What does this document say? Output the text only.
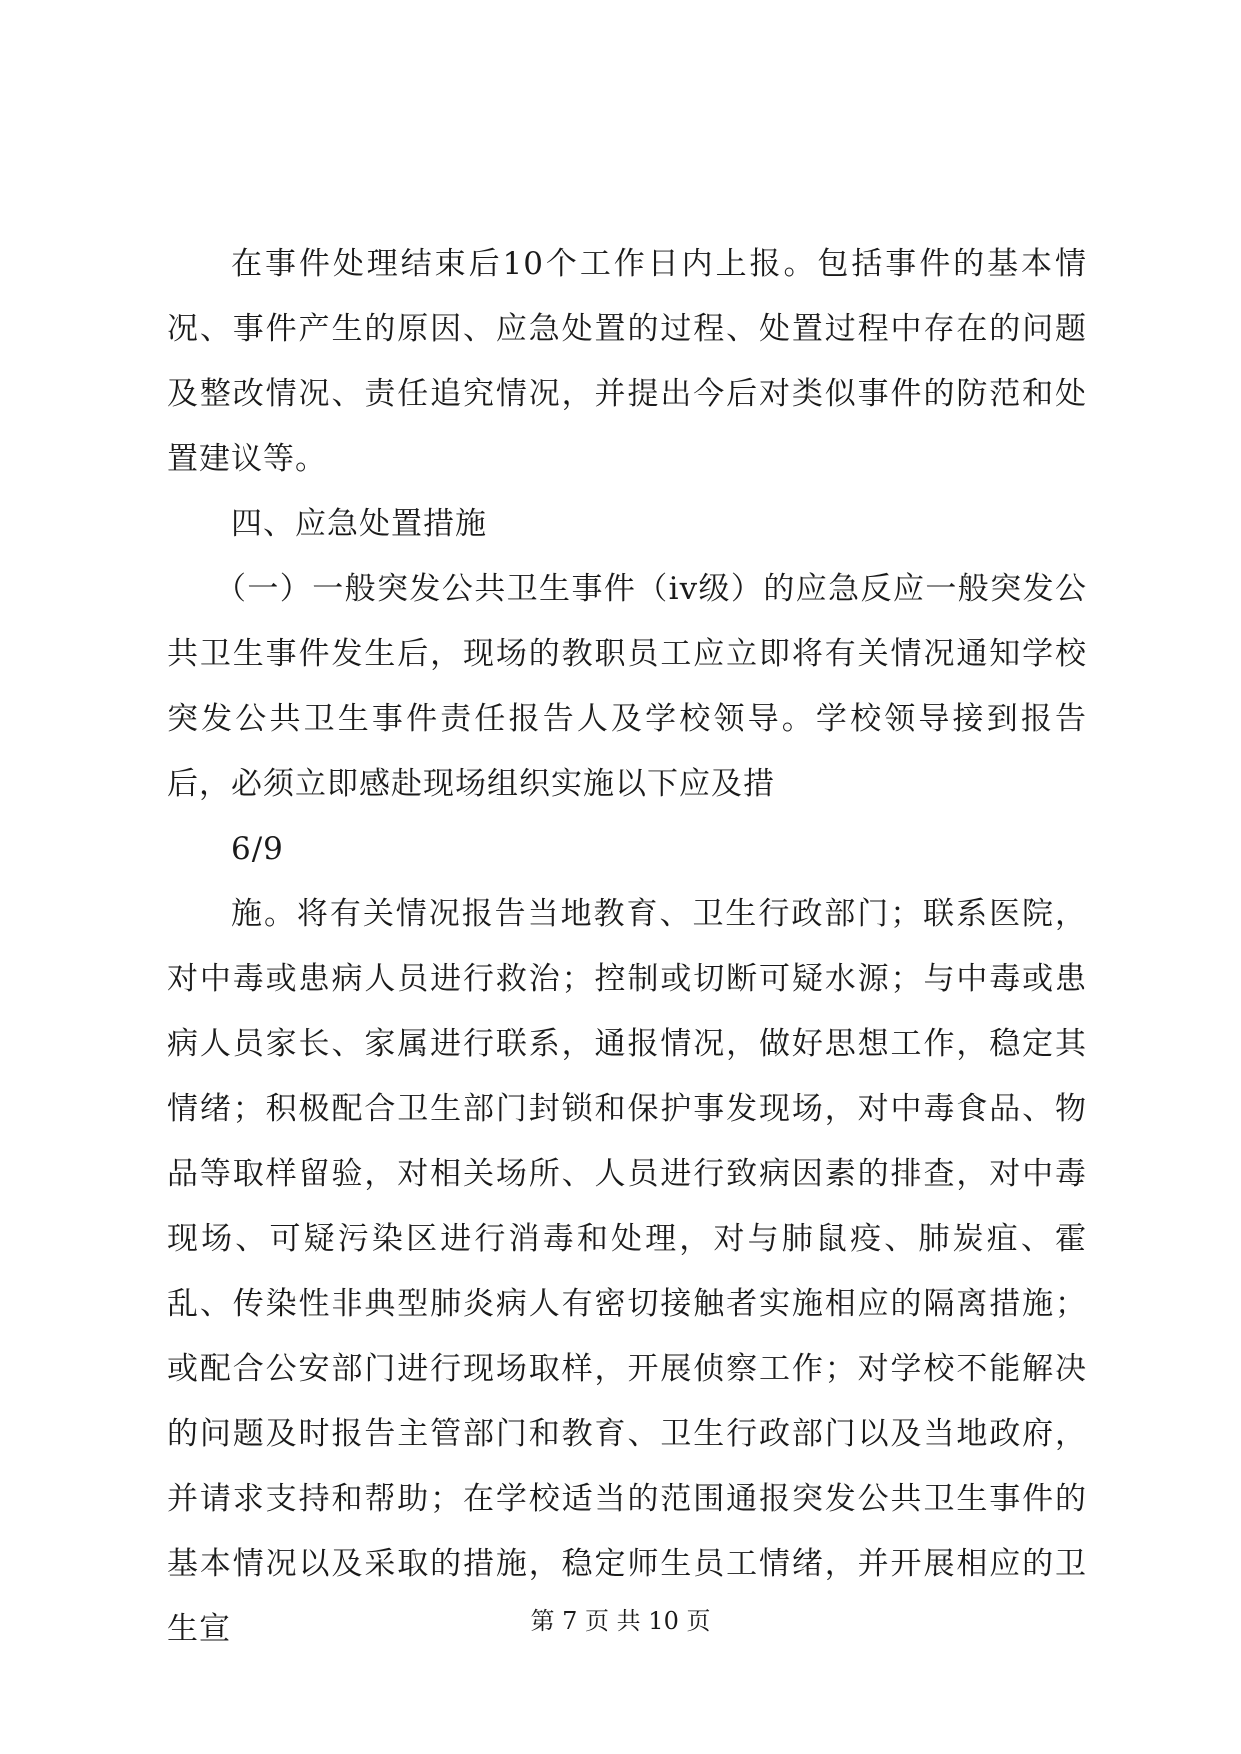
在事件处理结束后10个工作日内上报。包括事件的基本情况、事件产生的原因、应急处置的过程、处置过程中存在的问题及整改情况、责任追究情况，并提出今后对类似事件的防范和处置建议等。

四、应急处置措施

（一）一般突发公共卫生事件（iv级）的应急反应一般突发公共卫生事件发生后，现场的教职员工应立即将有关情况通知学校突发公共卫生事件责任报告人及学校领导。学校领导接到报告后，必须立即感赴现场组织实施以下应及措

6/9

施。将有关情况报告当地教育、卫生行政部门；联系医院，对中毒或患病人员进行救治；控制或切断可疑水源；与中毒或患病人员家长、家属进行联系，通报情况，做好思想工作，稳定其情绪；积极配合卫生部门封锁和保护事发现场，对中毒食品、物品等取样留验，对相关场所、人员进行致病因素的排查，对中毒现场、可疑污染区进行消毒和处理，对与肺鼠疫、肺炭疽、霍乱、传染性非典型肺炎病人有密切接触者实施相应的隔离措施；或配合公安部门进行现场取样，开展侦察工作；对学校不能解决的问题及时报告主管部门和教育、卫生行政部门以及当地政府，并请求支持和帮助；在学校适当的范围通报突发公共卫生事件的基本情况以及采取的措施，稳定师生员工情绪，并开展相应的卫生宣	第 7 页 共 10 页
